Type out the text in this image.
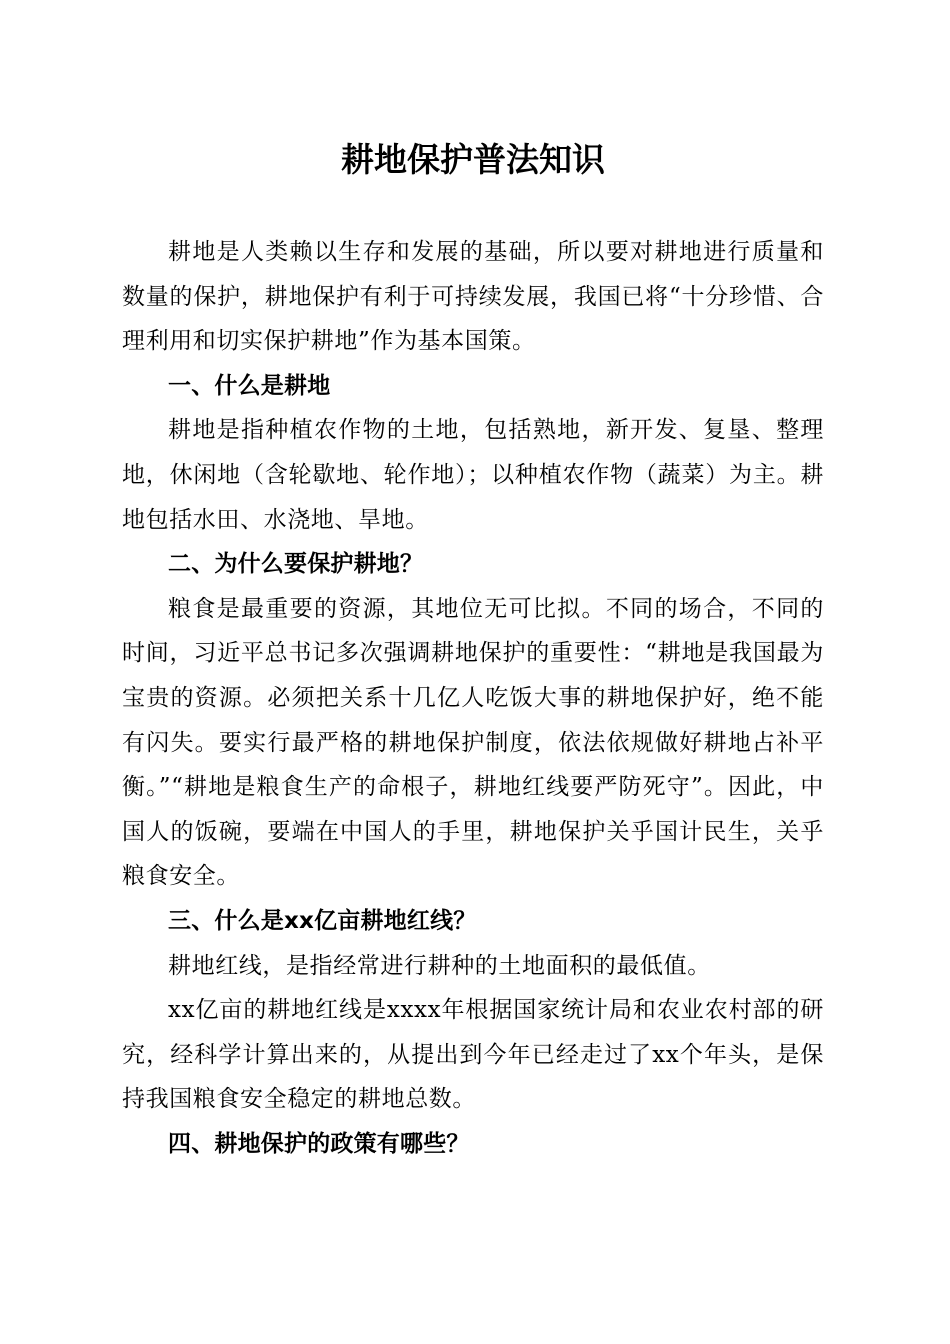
耕地保护普法知识

耕地是人类赖以生存和发展的基础，所以要对耕地进行质量和数量的保护，耕地保护有利于可持续发展，我国已将“十分珍惜、合理利用和切实保护耕地”作为基本国策。

一、什么是耕地

耕地是指种植农作物的土地，包括熟地，新开发、复垦、整理地，休闲地（含轮歇地、轮作地）；以种植农作物（蔬菜）为主。耕地包括水田、水浇地、旱地。

二、为什么要保护耕地？

粮食是最重要的资源，其地位无可比拟。不同的场合，不同的时间，习近平总书记多次强调耕地保护的重要性：“耕地是我国最为宝贵的资源。必须把关系十几亿人吃饭大事的耕地保护好，绝不能有闪失。要实行最严格的耕地保护制度，依法依规做好耕地占补平衡。”“耕地是粮食生产的命根子，耕地红线要严防死守”。因此，中国人的饭碗，要端在中国人的手里，耕地保护关乎国计民生，关乎粮食安全。

三、什么是xx亿亩耕地红线？

耕地红线，是指经常进行耕种的土地面积的最低值。

xx亿亩的耕地红线是xxxx年根据国家统计局和农业农村部的研究，经科学计算出来的，从提出到今年已经走过了xx个年头，是保持我国粮食安全稳定的耕地总数。

四、耕地保护的政策有哪些？
